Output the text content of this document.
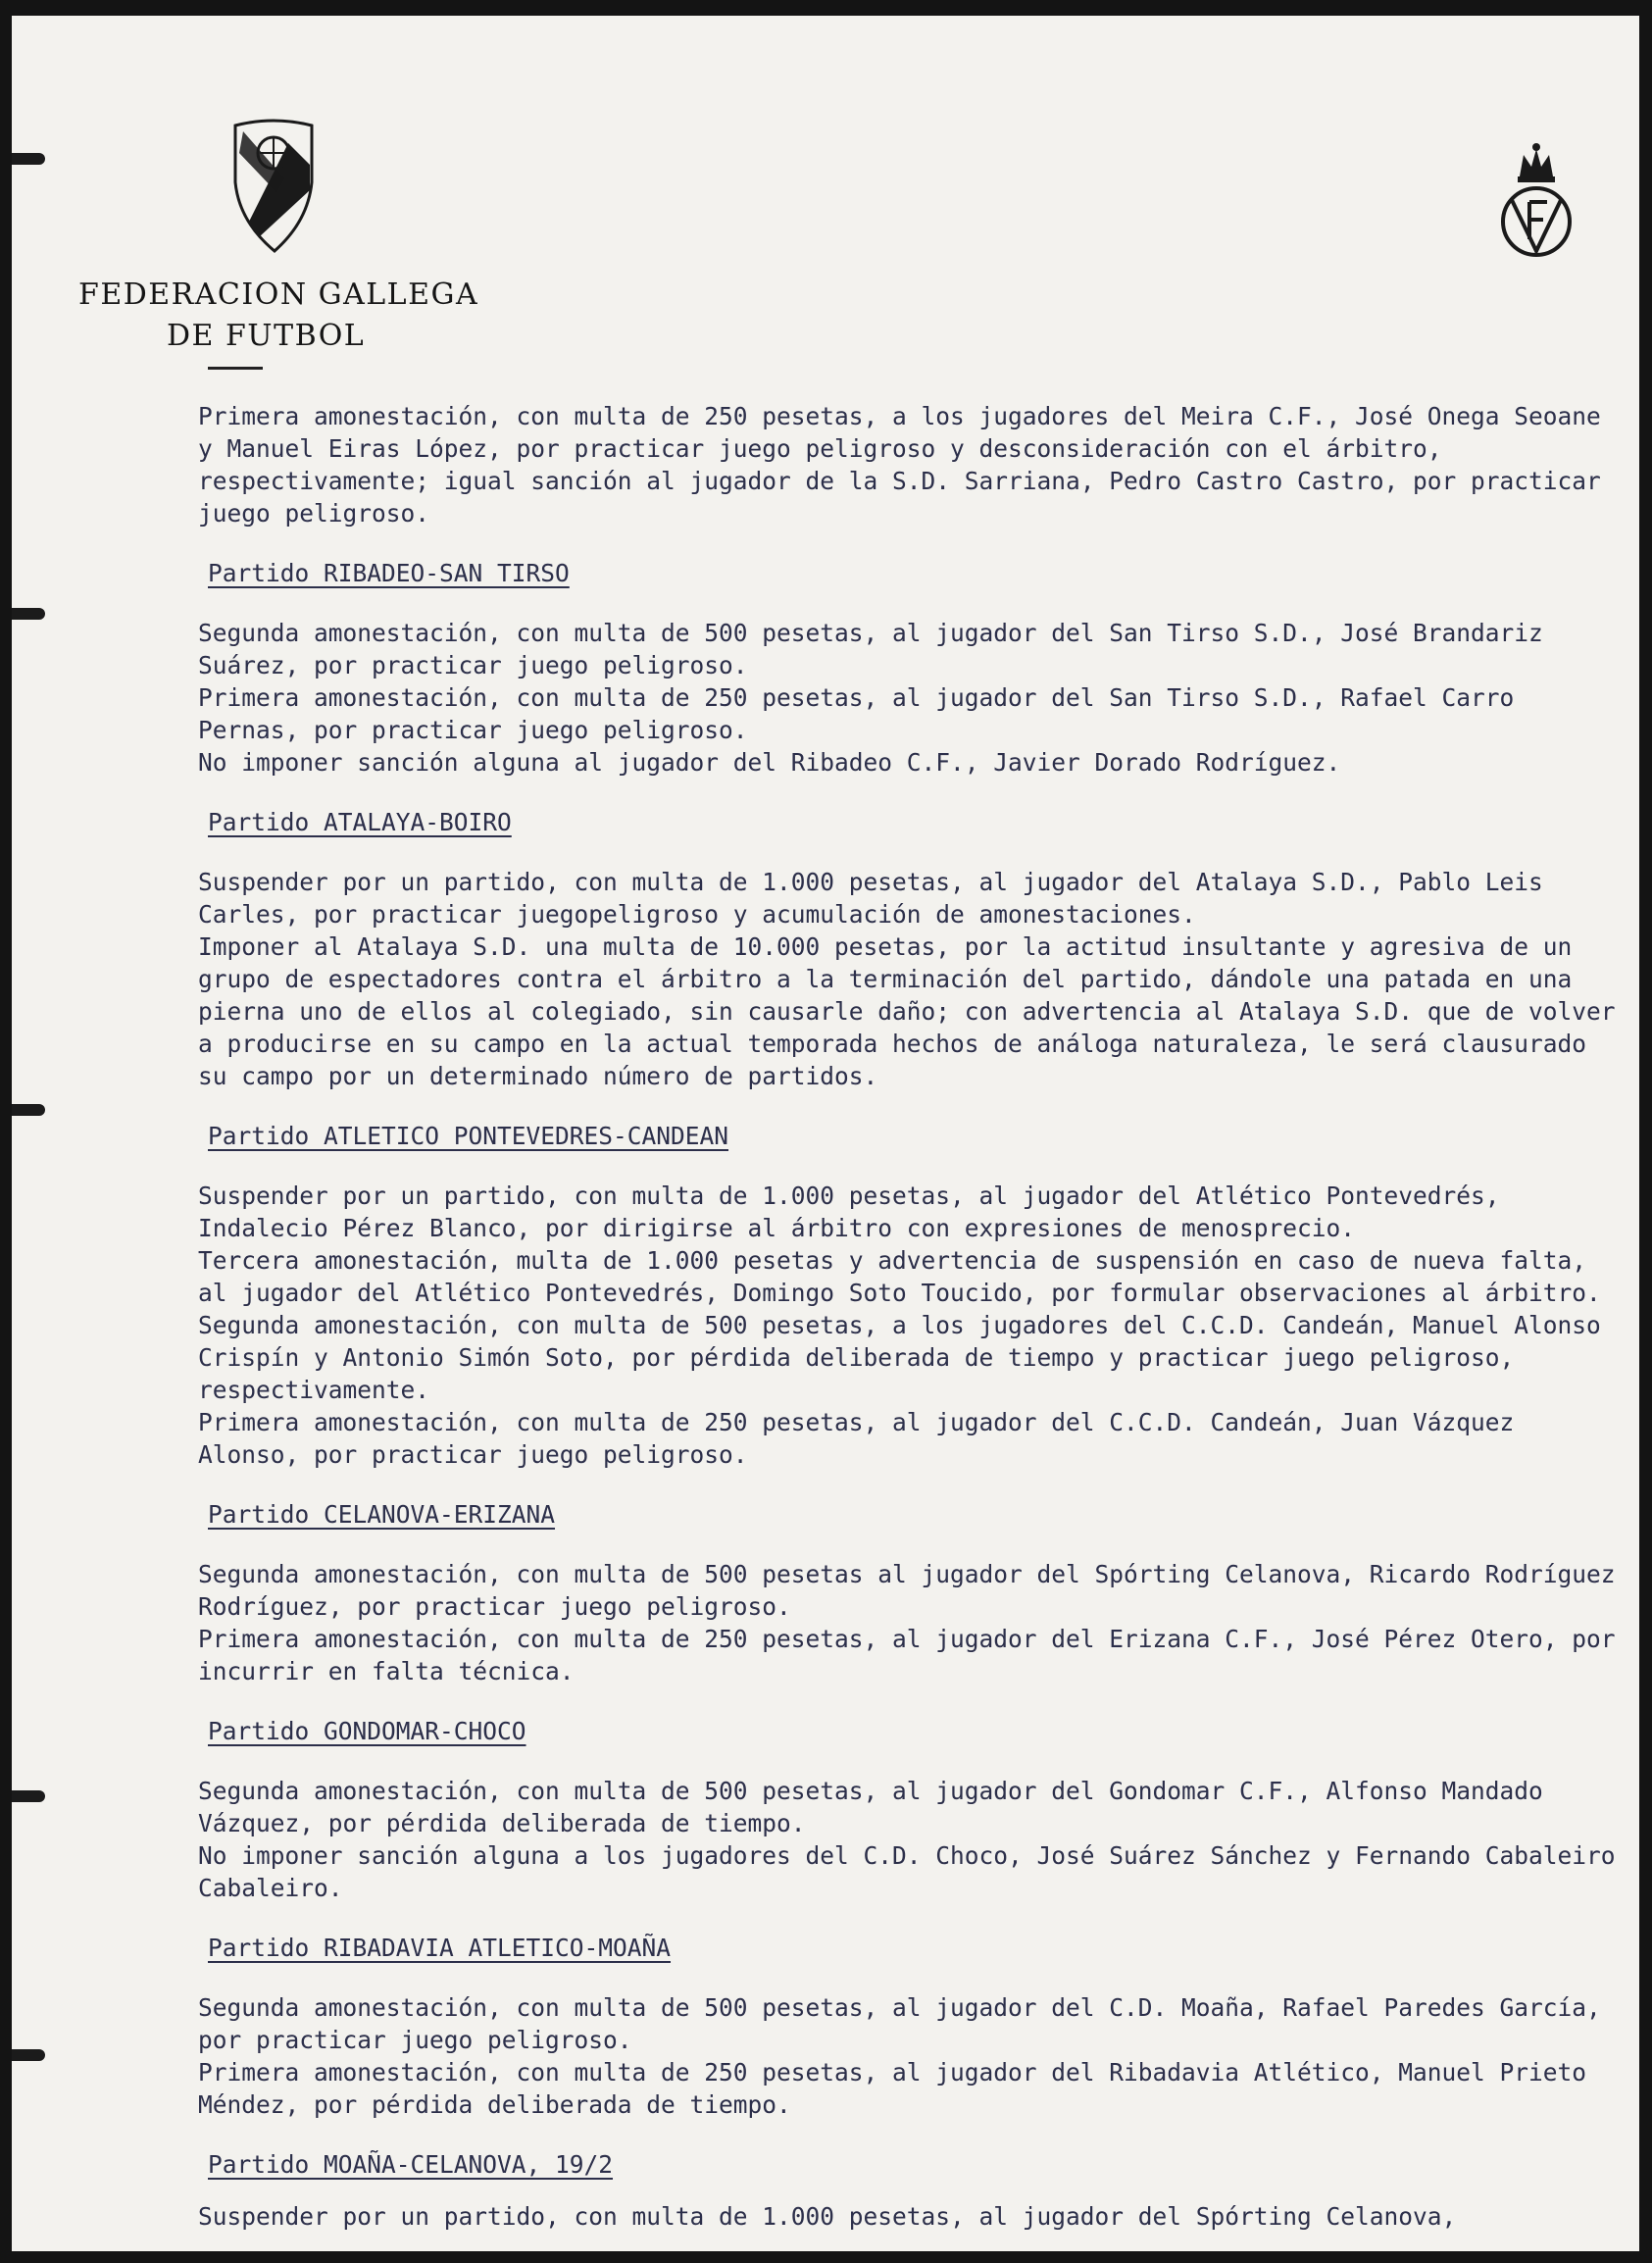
FEDERACION GALLEGA
DE FUTBOL

Primera amonestación, con multa de 250 pesetas, a los jugadores del Meira C.F., José Onega Seoane y Manuel Eiras López, por practicar juego peligroso y desconsideración con el árbitro, respectivamente; igual sanción al jugador de la S.D. Sarriana, Pedro Castro Castro, por practicar juego peligroso.

Partido RIBADEO-SAN TIRSO

Segunda amonestación, con multa de 500 pesetas, al jugador del San Tirso S.D., José Brandariz Suárez, por practicar juego peligroso.

Primera amonestación, con multa de 250 pesetas, al jugador del San Tirso S.D., Rafael Carro Pernas, por practicar juego peligroso.

No imponer sanción alguna al jugador del Ribadeo C.F., Javier Dorado Rodríguez.

Partido ATALAYA-BOIRO

Suspender por un partido, con multa de 1.000 pesetas, al jugador del Atalaya S.D., Pablo Leis Carles, por practicar juegopeligroso y acumulación de amonestaciones.

Imponer al Atalaya S.D. una multa de 10.000 pesetas, por la actitud insultante y agresiva de un grupo de espectadores contra el árbitro a la terminación del partido, dándole una patada en una pierna uno de ellos al colegiado, sin causarle daño; con advertencia al Atalaya S.D. que de volver a producirse en su campo en la actual temporada hechos de análoga naturaleza, le será clausurado su campo por un determinado número de partidos.

Partido ATLETICO PONTEVEDRES-CANDEAN

Suspender por un partido, con multa de 1.000 pesetas, al jugador del Atlético Pontevedrés, Indalecio Pérez Blanco, por dirigirse al árbitro con expresiones de menosprecio.

Tercera amonestación, multa de 1.000 pesetas y advertencia de suspensión en caso de nueva falta, al jugador del Atlético Pontevedrés, Domingo Soto Toucido, por formular observaciones al árbitro.

Segunda amonestación, con multa de 500 pesetas, a los jugadores del C.C.D. Candeán, Manuel Alonso Crispín y Antonio Simón Soto, por pérdida deliberada de tiempo y practicar juego peligroso, respectivamente.

Primera amonestación, con multa de 250 pesetas, al jugador del C.C.D. Candeán, Juan Vázquez Alonso, por practicar juego peligroso.

Partido CELANOVA-ERIZANA

Segunda amonestación, con multa de 500 pesetas al jugador del Spórting Celanova, Ricardo Rodríguez Rodríguez, por practicar juego peligroso.

Primera amonestación, con multa de 250 pesetas, al jugador del Erizana C.F., José Pérez Otero, por incurrir en falta técnica.

Partido GONDOMAR-CHOCO

Segunda amonestación, con multa de 500 pesetas, al jugador del Gondomar C.F., Alfonso Mandado Vázquez, por pérdida deliberada de tiempo.

No imponer sanción alguna a los jugadores del C.D. Choco, José Suárez Sánchez y Fernando Cabaleiro Cabaleiro.

Partido RIBADAVIA ATLETICO-MOAÑA

Segunda amonestación, con multa de 500 pesetas, al jugador del C.D. Moaña, Rafael Paredes García, por practicar juego peligroso.

Primera amonestación, con multa de 250 pesetas, al jugador del Ribadavia Atlético, Manuel Prieto Méndez, por pérdida deliberada de tiempo.

Partido MOAÑA-CELANOVA, 19/2

Suspender por un partido, con multa de 1.000 pesetas, al jugador del Spórting Celanova,
